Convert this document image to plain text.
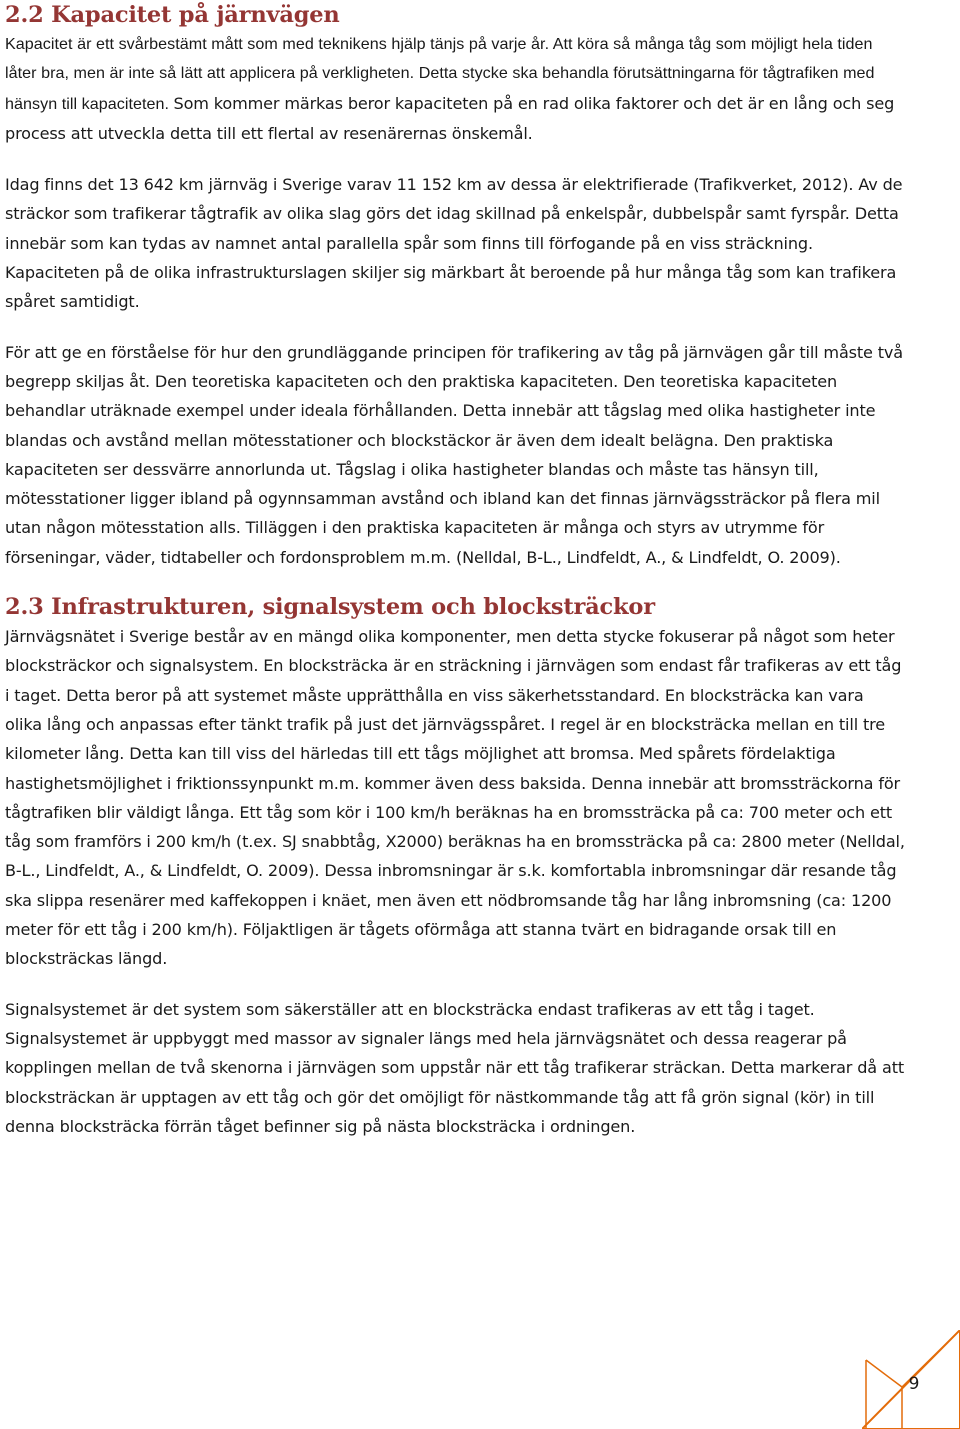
2.2 Kapacitet på järnvägen

Kapacitet är ett svårbestämt mått som med teknikens hjälp tänjs på varje år. Att köra så många tåg som möjligt hela tiden låter bra, men är inte så lätt att applicera på verkligheten. Detta stycke ska behandla förutsättningarna för tågtrafiken med hänsyn till kapaciteten. Som kommer märkas beror kapaciteten på en rad olika faktorer och det är en lång och seg process att utveckla detta till ett flertal av resenärernas önskemål.

Idag finns det 13 642 km järnväg i Sverige varav 11 152 km av dessa är elektrifierade (Trafikverket, 2012). Av de sträckor som trafikerar tågtrafik av olika slag görs det idag skillnad på enkelspår, dubbelspår samt fyrspår. Detta innebär som kan tydas av namnet antal parallella spår som finns till förfogande på en viss sträckning. Kapaciteten på de olika infrastrukturslagen skiljer sig märkbart åt beroende på hur många tåg som kan trafikera spåret samtidigt.

För att ge en förståelse för hur den grundläggande principen för trafikering av tåg på järnvägen går till måste två begrepp skiljas åt. Den teoretiska kapaciteten och den praktiska kapaciteten. Den teoretiska kapaciteten behandlar uträknade exempel under ideala förhållanden. Detta innebär att tågslag med olika hastigheter inte blandas och avstånd mellan mötesstationer och blockstäckor är även dem idealt belägna. Den praktiska kapaciteten ser dessvärre annorlunda ut. Tågslag i olika hastigheter blandas och måste tas hänsyn till, mötesstationer ligger ibland på ogynnsamman avstånd och ibland kan det finnas järnvägssträckor på flera mil utan någon mötesstation alls. Tilläggen i den praktiska kapaciteten är många och styrs av utrymme för förseningar, väder, tidtabeller och fordonsproblem m.m. (Nelldal, B-L., Lindfeldt, A., & Lindfeldt, O. 2009).

2.3 Infrastrukturen, signalsystem och blocksträckor

Järnvägsnätet i Sverige består av en mängd olika komponenter, men detta stycke fokuserar på något som heter blocksträckor och signalsystem. En blocksträcka är en sträckning i järnvägen som endast får trafikeras av ett tåg i taget. Detta beror på att systemet måste upprätthålla en viss säkerhetsstandard. En blocksträcka kan vara olika lång och anpassas efter tänkt trafik på just det järnvägsspåret. I regel är en blocksträcka mellan en till tre kilometer lång. Detta kan till viss del härledas till ett tågs möjlighet att bromsa. Med spårets fördelaktiga hastighetsmöjlighet i friktionssynpunkt m.m. kommer även dess baksida. Denna innebär att bromssträckorna för tågtrafiken blir väldigt långa. Ett tåg som kör i 100 km/h beräknas ha en bromssträcka på ca: 700 meter och ett tåg som framförs i 200 km/h (t.ex. SJ snabbtåg, X2000) beräknas ha en bromssträcka på ca: 2800 meter (Nelldal, B-L., Lindfeldt, A., & Lindfeldt, O. 2009). Dessa inbromsningar är s.k. komfortabla inbromsningar där resande tåg ska slippa resenärer med kaffekoppen i knäet, men även ett nödbromsande tåg har lång inbromsning (ca: 1200 meter för ett tåg i 200 km/h). Följaktligen är tågets oförmåga att stanna tvärt en bidragande orsak till en blocksträckas längd.

Signalsystemet är det system som säkerställer att en blocksträcka endast trafikeras av ett tåg i taget. Signalsystemet är uppbyggt med massor av signaler längs med hela järnvägsnätet och dessa reagerar på kopplingen mellan de två skenorna i järnvägen som uppstår när ett tåg trafikerar sträckan. Detta markerar då att blocksträckan är upptagen av ett tåg och gör det omöjligt för nästkommande tåg att få grön signal (kör) in till denna blocksträcka förrän tåget befinner sig på nästa blocksträcka i ordningen.

9
